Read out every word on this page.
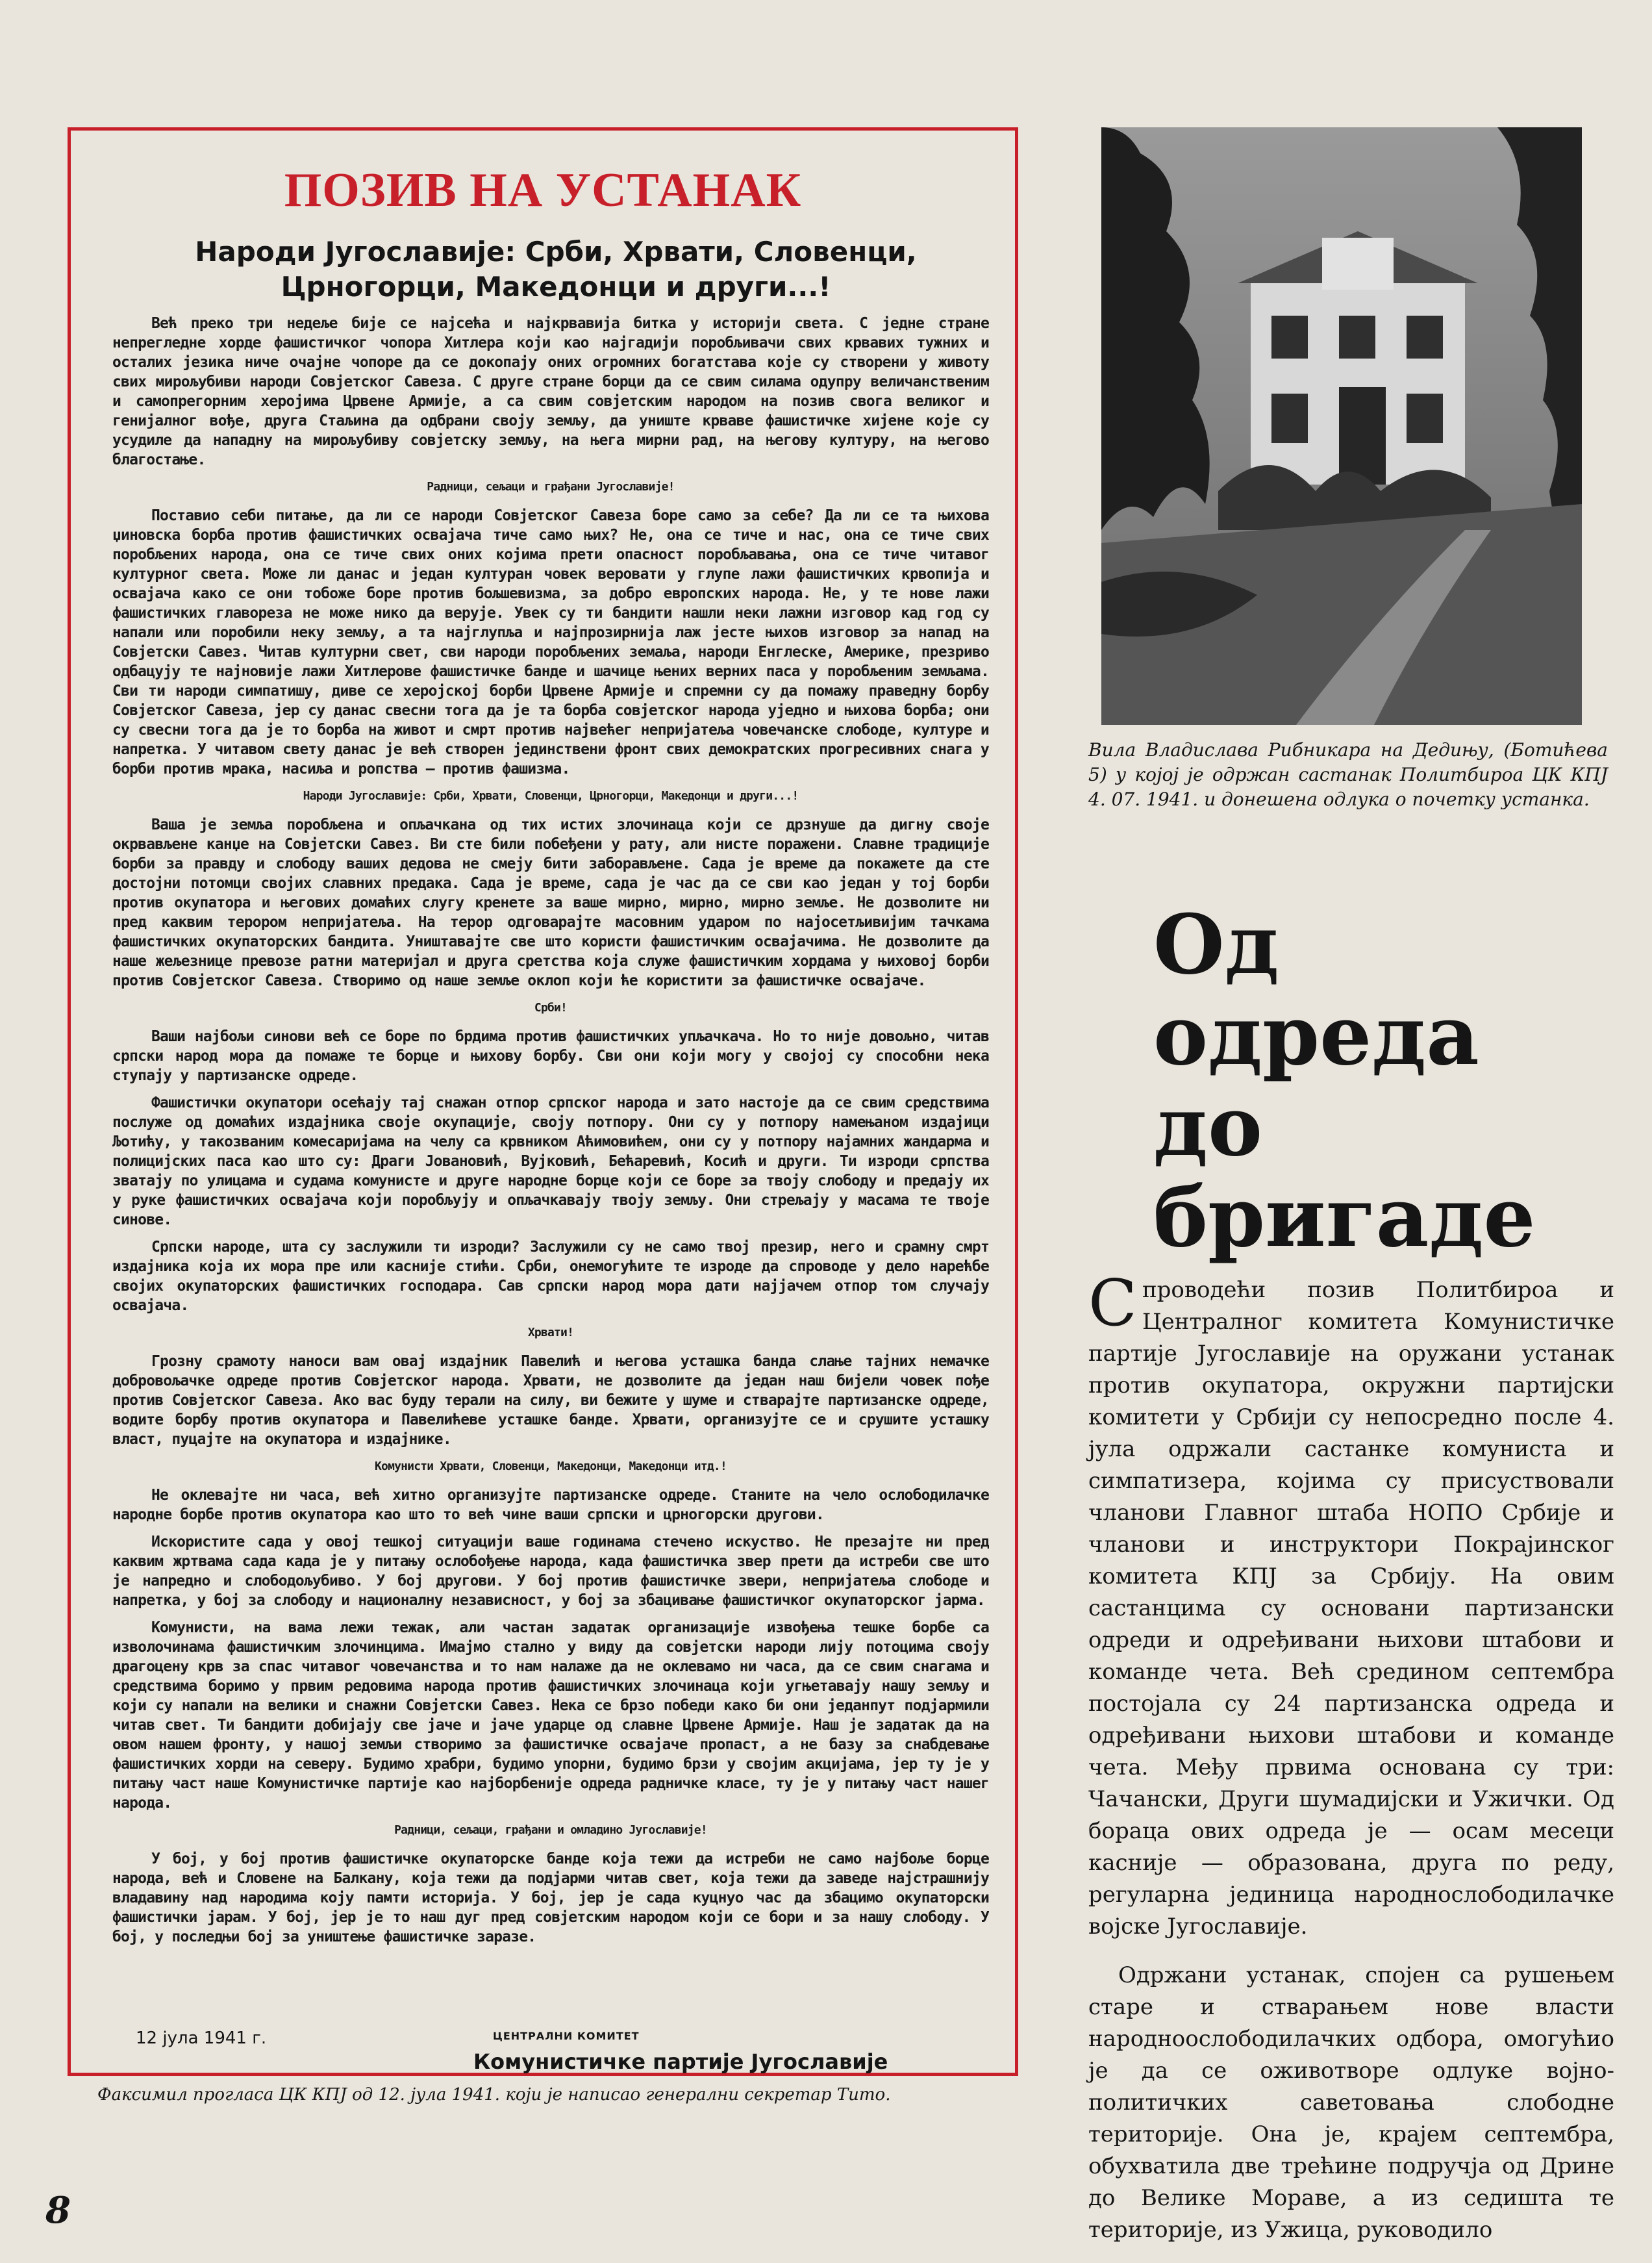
ПОЗИВ НА УСТАНАК
Народи Југославије: Срби, Хрвати, Словенци, Црногорци, Македонци и други...!

Већ преко три недеље бије се најсећа и најкрвавија битка у историји света. С једне стране непрегледне хорде фашистичког чопора Хитлера који као најгадији поробљивачи свих крвавих тужних и осталих језика ниче очајне чопоре да се докопају оних огромних богатстава које су створени у животу свих мирољубиви народи Совјетског Савеза. С друге стране борци да се свим силама одупру величанственим и самопрегорним херојима Црвене Армије, а са свим совјетским народом на позив свога великог и генијалног вође, друга Стаљина да одбрани своју земљу, да униште крваве фашистичке хијене које су усудиле да нападну на мирољубиву совјетску земљу, на њега мирни рад, на његову културу, на његово благостање.

Радници, сељаци и грађани Југославије!

Поставио себи питање, да ли се народи Совјетског Савеза боре само за себе? Да ли се та њихова џиновска борба против фашистичких освајача тиче само њих? Не, она се тиче и нас, она се тиче свих поробљених народа, она се тиче свих оних којима прети опасност поробљавања, она се тиче читавог културног света. Може ли данас и један културан човек веровати у глупе лажи фашистичких крвопија и освајача како се они тобоже боре против бољшевизма, за добро европских народа. Не, у те нове лажи фашистичких главореза не може нико да верује. Увек су ти бандити нашли неки лажни изговор кад год су напали или поробили неку земљу, а та најглупља и најпрозирнија лаж јесте њихов изговор за напад на Совјетски Савез. Читав културни свет, сви народи поробљених земаља, народи Енглеске, Америке, презриво одбацују те најновије лажи Хитлерове фашистичке банде и шачице њених верних паса у поробљеним земљама. Сви ти народи симпатишу, диве се херојској борби Црвене Армије и спремни су да помажу праведну борбу Совјетског Савеза, јер су данас свесни тога да је та борба совјетског народа уједно и њихова борба; они су свесни тога да је то борба на живот и смрт против највећег непријатеља човечанске слободе, културе и напретка. У читавом свету данас је већ створен јединствени фронт свих демократских прогресивних снага у борби против мрака, насиља и ропства — против фашизма.

Народи Југославије: Срби, Хрвати, Словенци, Црногорци, Македонци и други...!

Ваша је земља поробљена и опљачкана од тих истих злочинаца који се дрзнуше да дигну своје окрвављене канџе на Совјетски Савез. Ви сте били побеђени у рату, али нисте поражени. Славне традиције борби за правду и слободу ваших дедова не смеју бити заборављене. Сада је време да покажете да сте достојни потомци својих славних предака. Сада је време, сада је час да се сви као један у тој борби против окупатора и његових домаћих слугу кренете за ваше мирно, мирно, мирно земље. Не дозволите ни пред каквим терором непријатеља. На терор одговарајте масовним ударом по најосетљивијим тачкама фашистичких окупаторских бандита. Уништавајте све што користи фашистичким освајачима. Не дозволите да наше жељезнице превозе ратни материјал и друга сретства која служе фашистичким хордама у њиховој борби против Совјетског Савеза. Створимо од наше земље оклоп који ће користити за фашистичке освајаче.

Срби!

Ваши најбољи синови већ се боре по брдима против фашистичких упљачкача. Но то није довољно, читав српски народ мора да помаже те борце и њихову борбу. Сви они који могу у својој су способни нека ступају у партизанске одреде.

Фашистички окупатори осећају тај снажан отпор српског народа и зато настоје да се свим средствима послуже од домаћих издајника своје окупације, своју потпору. Они су у потпору намењаном издајици Љотићу, у такозваним комесаријама на челу са крвником Аћимовићем, они су у потпору најамних жандарма и полицијских паса као што су: Драги Јовановић, Вујковић, Бећаревић, Косић и други. Ти изроди српства зватају по улицама и судама комунисте и друге народне борце који се боре за твоју слободу и предају их у руке фашистичких освајача који поробљују и опљачкавају твоју земљу. Они стрељају у масама те твоје синове.

Српски народе, шта су заслужили ти изроди? Заслужили су не само твој презир, него и срамну смрт издајника која их мора пре или касније стићи. Срби, онемогућите те изроде да спроводе у дело нарећбе својих окупаторских фашистичких господара. Сав српски народ мора дати најјачем отпор том случају освајача.

Хрвати!

Грозну срамоту наноси вам овај издајник Павелић и његова усташка банда слање тајних немачке добровољачке одреде против Совјетског народа. Хрвати, не дозволите да један наш бијели човек пође против Совјетског Савеза. Ако вас буду терали на силу, ви бежите у шуме и стварајте партизанске одреде, водите борбу против окупатора и Павелићеве усташке банде. Хрвати, организујте се и срушите усташку власт, пуцајте на окупатора и издајнике.

Комунисти Хрвати, Словенци, Македонци, Македонци итд.!

Не оклевајте ни часа, већ хитно организујте партизанске одреде. Станите на чело ослободилачке народне борбе против окупатора као што то већ чине ваши српски и црногорски другови.

Искористите сада у овој тешкој ситуацији ваше годинама стечено искуство. Не презајте ни пред каквим жртвама сада када је у питању ослобођење народа, када фашистичка звер прети да истреби све што је напредно и слободољубиво. У бој другови. У бој против фашистичке звери, непријатеља слободе и напретка, у бој за слободу и националну независност, у бој за збацивање фашистичког окупаторског јарма.

Комунисти, на вама лежи тежак, али частан задатак организације извођења тешке борбе са изволочинама фашистичким злочинцима. Имајмо стално у виду да совјетски народи лију потоцима своју драгоцену крв за спас читавог човечанства и то нам налаже да не оклевамо ни часа, да се свим снагама и средствима боримо у првим редовима народа против фашистичких злочинаца који угњетавају нашу земљу и који су напали на велики и снажни Совјетски Савез. Нека се брзо победи како би они једанпут подјармили читав свет. Ти бандити добијају све јаче и јаче ударце од славне Црвене Армије. Наш је задатак да на овом нашем фронту, у нашој земљи створимо за фашистичке освајаче пропаст, а не базу за снабдевање фашистичких хорди на северу. Будимо храбри, будимо упорни, будимо брзи у својим акцијама, јер ту је у питању част наше Комунистичке партије као најборбеније одреда радничке класе, ту је у питању част нашег народа.

Радници, сељаци, грађани и омладино Југославије!

У бој, у бој против фашистичке окупаторске банде која тежи да истреби не само најбоље борце народа, већ и Словене на Балкану, која тежи да подјарми читав свет, која тежи да заведе најстрашнију владавину над народима коју памти историја. У бој, јер је сада куцнуо час да збацимо окупаторски фашистички јарам. У бој, јер је то наш дуг пред совјетским народом који се бори и за нашу слободу. У бој, у последњи бој за уништење фашистичке заразе.

12 јула 1941 г.	ЦЕНТРАЛНИ КОМИТЕТ
Комунистичке партије Југославије
Факсимил прогласа ЦК КПЈ од 12. јула 1941. који је написао генерални секретар Тито.
8
Вила Владислава Рибникара на Дедињу, (Ботићева 5) у којој је одржан састанак Политбироа ЦК КПЈ 4. 07. 1941. и донешена одлука о почетку устанка.
Од
одреда
до
бригаде

Спроводећи позив Политбироа и Централног комитета Комунистичке партије Југославије на оружани устанак против окупатора, окружни партијски комитети у Србији су непосредно после 4. јула одржали састанке комуниста и симпатизера, којима су присуствовали чланови Главног штаба НОПО Србије и чланови и инструктори Покрајинског комитета КПЈ за Србију. На овим састанцима су основани партизански одреди и одређивани њихови штабови и команде чета. Већ средином септембра постојала су 24 партизанска одреда и одређивани њихови штабови и команде чета. Међу првима основана су три: Чачански, Други шумадијски и Ужички. Од бораца ових одреда је — осам месеци касније — образована, друга по реду, регуларна јединица народнослободилачке војске Југославије.

Одржани устанак, спојен са рушењем старе и стварањем нове власти народноослободилачких одбора, омогућио је да се оживотворе одлуке војно-политичких саветовања слободне територије. Она је, крајем септембра, обухватила две трећине подручја од Дрине до Велике Мораве, а из седишта те територије, из Ужица, руководило
